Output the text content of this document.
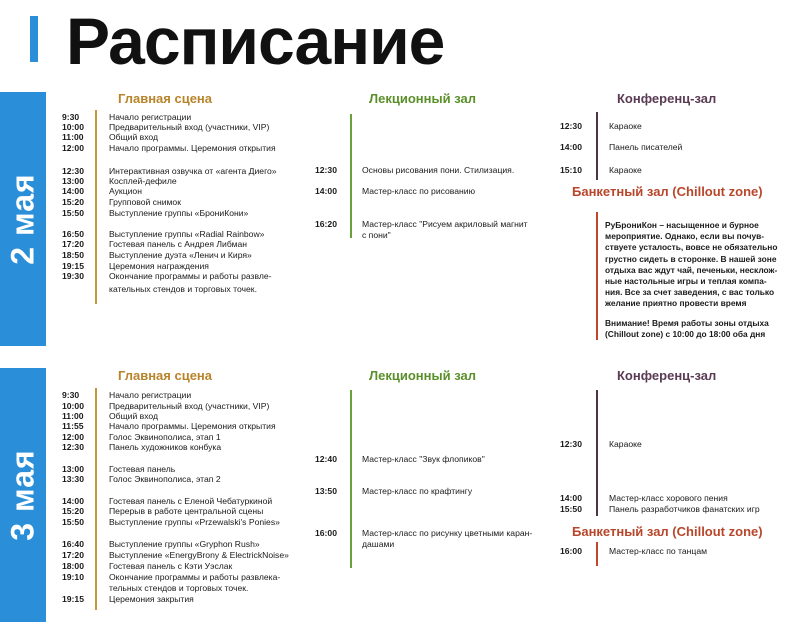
Расписание
2 мая
Главная сцена
9:30	Начало регистрации
10:00	Предварительный вход (участники, VIP)
11:00	Общий вход
12:00	Начало программы. Церемония открытия
12:30	Интерактивная озвучка от «агента Диего»
13:00	Косплей-дефиле
14:00	Аукцион
15:20	Групповой снимок
15:50	Выступление группы «БрониКони»
16:50	Выступление группы «Radial Rainbow»
17:20	Гостевая панель с Андрея Либман
18:50	Выступление дуэта «Ленич и Киря»
19:15	Церемония награждения
19:30	Окончание программы и работы развле-
кательных стендов и торговых точек.
Лекционный зал
12:30	Основы рисования пони. Стилизация.
14:00	Мастер-класс по рисованию
16:20	Мастер-класс "Рисуем акриловый магнит
с пони"
Конференц-зал
12:30	Караоке
14:00	Панель писателей
15:10	Караоке
Банкетный зал (Chillout zone)
РуБрониКон – насыщенное и бурное
мероприятие. Однако, если вы почув-
ствуете усталость, вовсе не обязательно
грустно сидеть в сторонке. В нашей зоне
отдыха вас ждут чай, печеньки, несклож-
ные настольные игры и теплая компа-
ния. Все за счет заведения, с вас только
желание приятно провести время
Внимание! Время работы зоны отдыха
(Chillout zone) с 10:00 до 18:00 оба дня
3 мая
Главная сцена
9:30	Начало регистрации
10:00	Предварительный вход (участники, VIP)
11:00	Общий вход
11:55	Начало программы. Церемония открытия
12:00	Голос Эквинополиса, этап 1
12:30	Панель художников конбука
13:00	Гостевая панель
13:30	Голос Эквинополиса, этап 2
14:00	Гостевая панель с Еленой Чебатуркиной
15:20	Перерыв в работе центральной сцены
15:50	Выступление группы «Przewalski's Ponies»
16:40	Выступление группы «Gryphon Rush»
17:20	Выступление «EnergyBrony & ElectrickNoise»
18:00	Гостевая панель с Кэти Уэслак
19:10	Окончание программы и работы развлека-
тельных стендов и торговых точек.
19:15	Церемония закрытия
Лекционный зал
12:40	Мастер-класс "Звук флопиков"
13:50	Мастер-класс по крафтингу
16:00	Мастер-класс по рисунку цветными каран-
дашами
Конференц-зал
12:30	Караоке
14:00	Мастер-класс хорового пения
15:50	Панель разработчиков фанатских игр
Банкетный зал (Chillout zone)
16:00	Мастер-класс по танцам
